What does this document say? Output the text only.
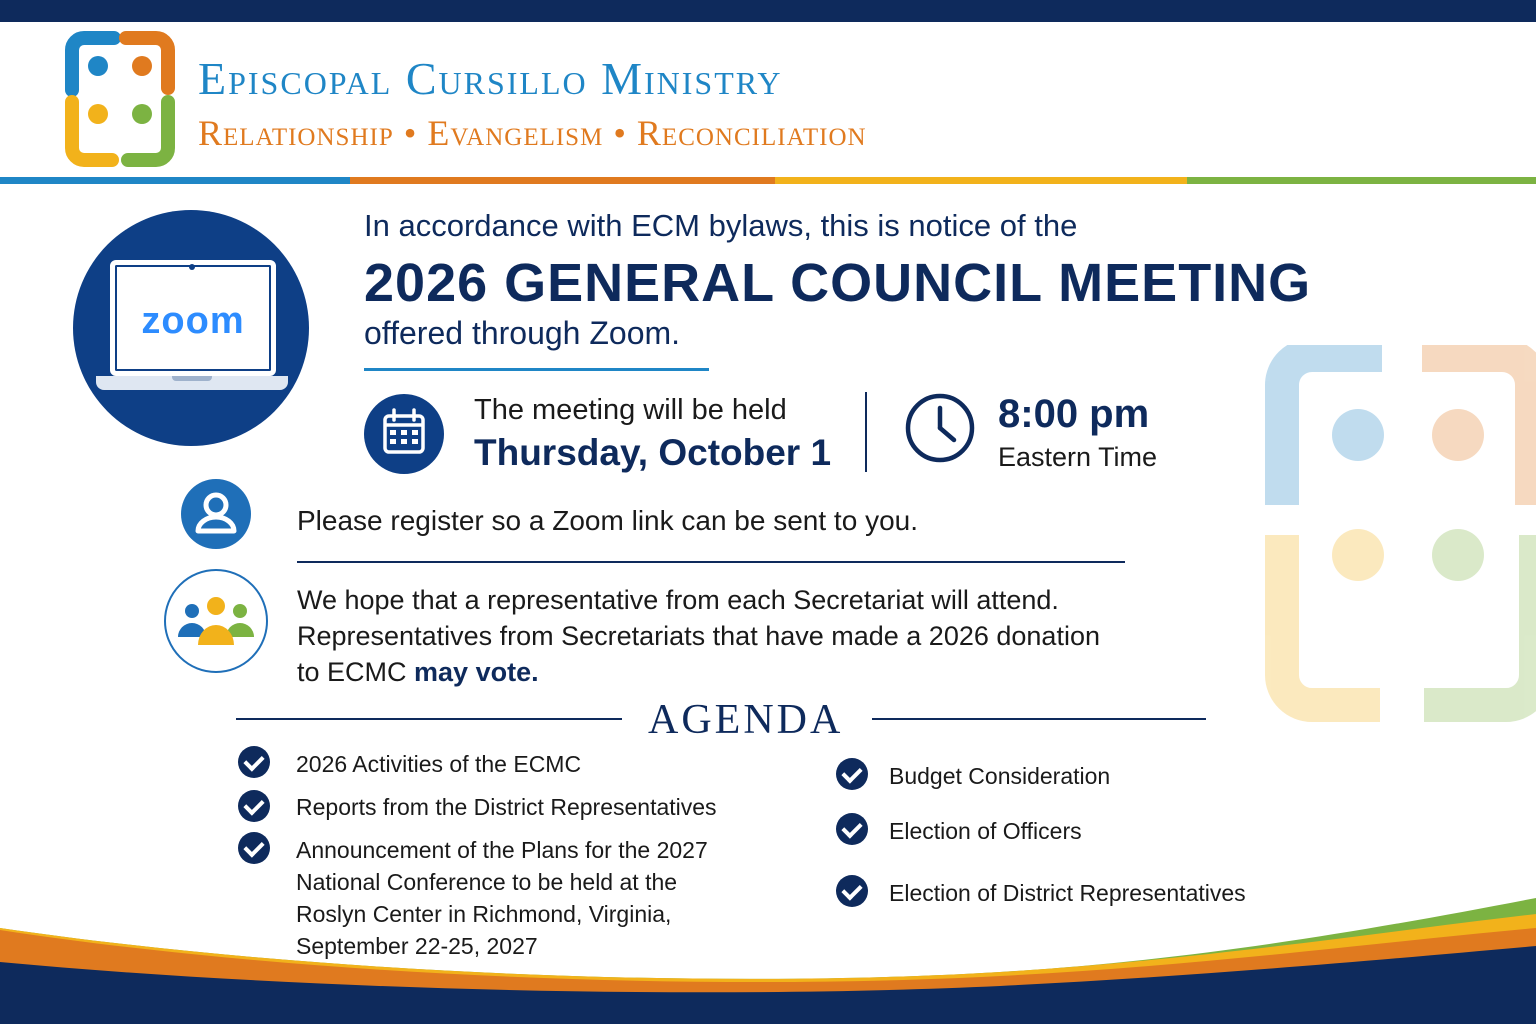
Episcopal Cursillo Ministry
Relationship • Evangelism • Reconciliation
zoom
In accordance with ECM bylaws, this is notice of the
2026 GENERAL COUNCIL MEETING
offered through Zoom.
The meeting will be held
Thursday, October 1
8:00 pm
Eastern Time
Please register so a Zoom link can be sent to you.
We hope that a representative from each Secretariat will attend.
Representatives from Secretariats that have made a 2026 donation
to ECMC may vote.
AGENDA
2026 Activities of the ECMC
Reports from the District Representatives
Announcement of the Plans for the 2027 National Conference to be held at the Roslyn Center in Richmond, Virginia, September 22-25, 2027
Budget Consideration
Election of Officers
Election of District Representatives
